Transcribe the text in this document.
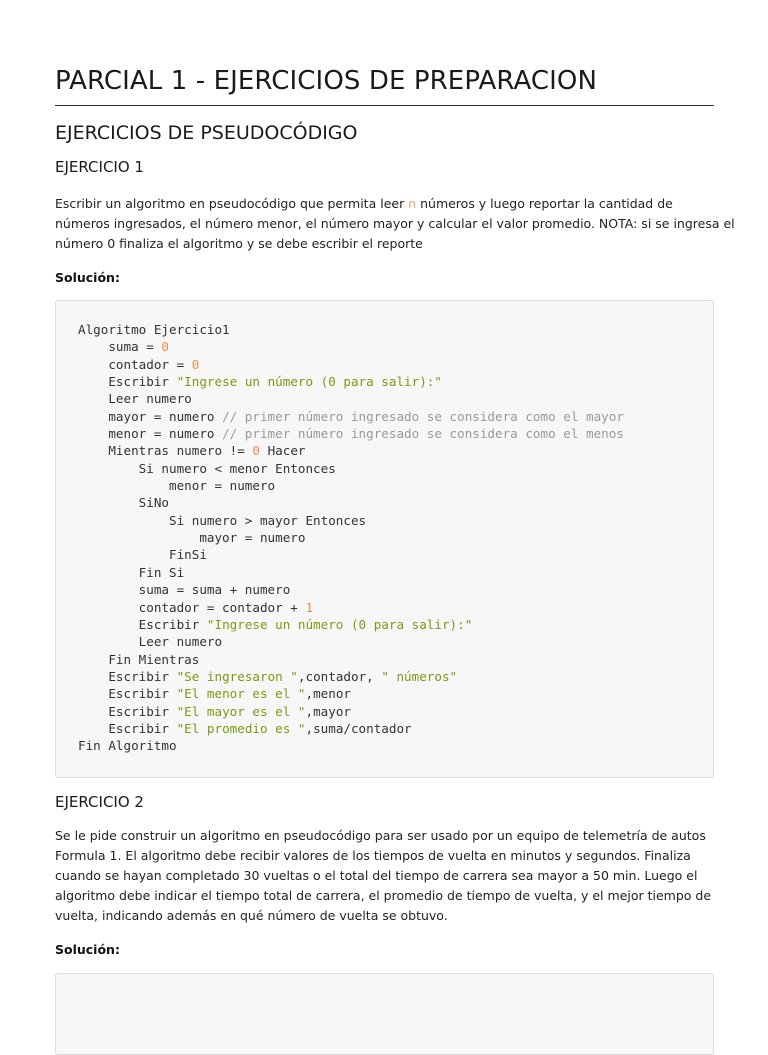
PARCIAL 1 - EJERCICIOS DE PREPARACION
EJERCICIOS DE PSEUDOCÓDIGO
EJERCICIO 1

Escribir un algoritmo en pseudocódigo que permita leer n números y luego reportar la cantidad de
números ingresados, el número menor, el número mayor y calcular el valor promedio. NOTA: si se ingresa el
número 0 finaliza el algoritmo y se debe escribir el reporte

Solución:

Algoritmo Ejercicio1
suma = 0
contador = 0
Escribir "Ingrese un número (0 para salir):"
Leer numero
mayor = numero // primer número ingresado se considera como el mayor
menor = numero // primer número ingresado se considera como el menos
Mientras numero != 0 Hacer
Si numero < menor Entonces
menor = numero
SiNo
Si numero > mayor Entonces
mayor = numero
FinSi
Fin Si
suma = suma + numero
contador = contador + 1
Escribir "Ingrese un número (0 para salir):"
Leer numero
Fin Mientras
Escribir "Se ingresaron ",contador, " números"
Escribir "El menor es el ",menor
Escribir "El mayor es el ",mayor
Escribir "El promedio es ",suma/contador
Fin Algoritmo
EJERCICIO 2

Se le pide construir un algoritmo en pseudocódigo para ser usado por un equipo de telemetría de autos
Formula 1. El algoritmo debe recibir valores de los tiempos de vuelta en minutos y segundos. Finaliza
cuando se hayan completado 30 vueltas o el total del tiempo de carrera sea mayor a 50 min. Luego el
algoritmo debe indicar el tiempo total de carrera, el promedio de tiempo de vuelta, y el mejor tiempo de
vuelta, indicando además en qué número de vuelta se obtuvo.

Solución:
